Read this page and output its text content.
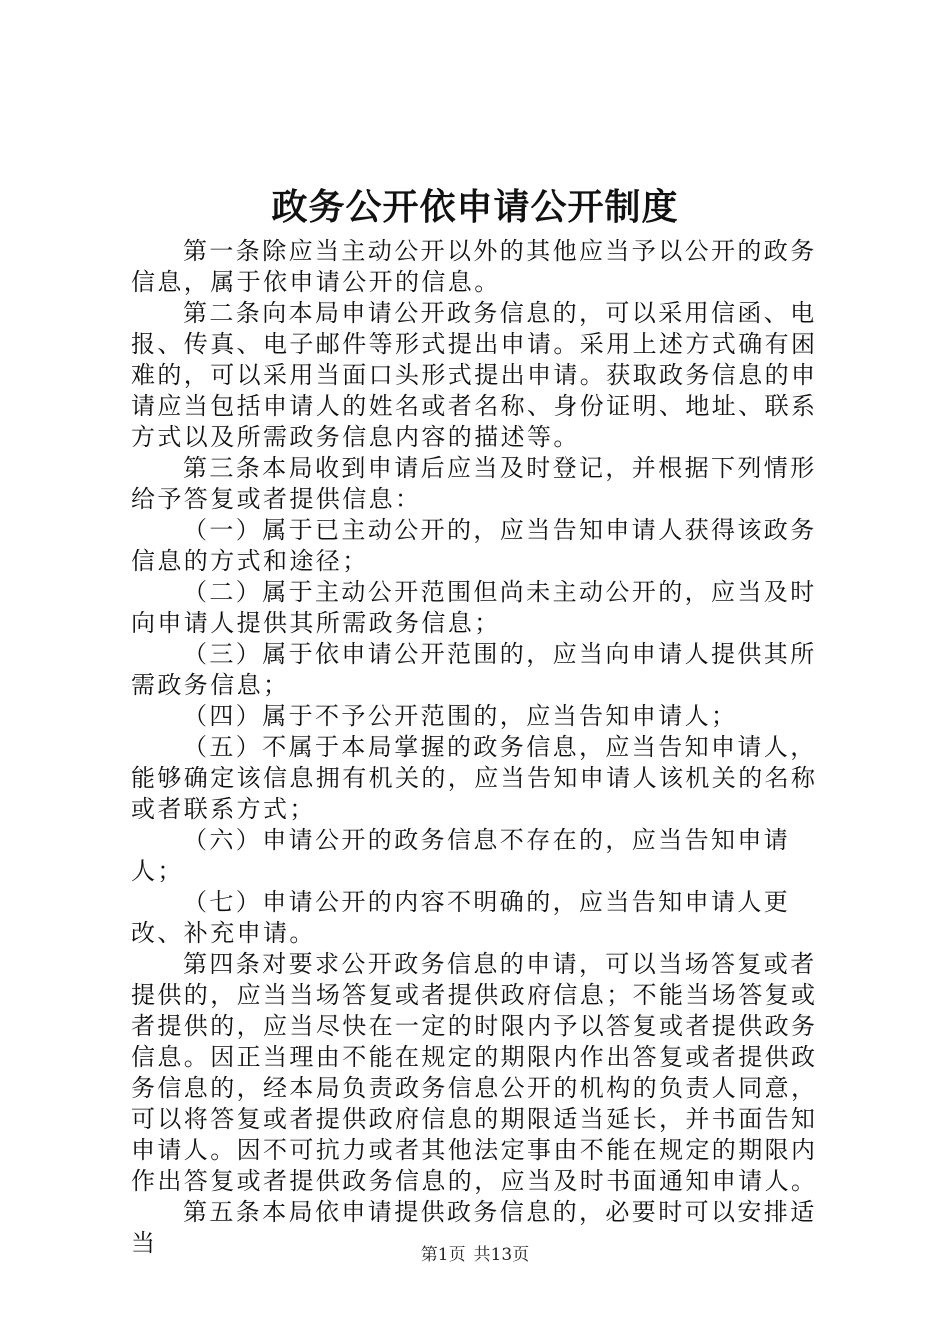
政务公开依申请公开制度

第一条除应当主动公开以外的其他应当予以公开的政务信息，属于依申请公开的信息。

第二条向本局申请公开政务信息的，可以采用信函、电报、传真、电子邮件等形式提出申请。采用上述方式确有困难的，可以采用当面口头形式提出申请。获取政务信息的申请应当包括申请人的姓名或者名称、身份证明、地址、联系方式以及所需政务信息内容的描述等。

第三条本局收到申请后应当及时登记，并根据下列情形给予答复或者提供信息：

（一）属于已主动公开的，应当告知申请人获得该政务信息的方式和途径；

（二）属于主动公开范围但尚未主动公开的，应当及时向申请人提供其所需政务信息；

（三）属于依申请公开范围的，应当向申请人提供其所需政务信息；

（四）属于不予公开范围的，应当告知申请人；

（五）不属于本局掌握的政务信息，应当告知申请人，能够确定该信息拥有机关的，应当告知申请人该机关的名称或者联系方式；

（六）申请公开的政务信息不存在的，应当告知申请人；

（七）申请公开的内容不明确的，应当告知申请人更改、补充申请。

第四条对要求公开政务信息的申请，可以当场答复或者提供的，应当当场答复或者提供政府信息；不能当场答复或者提供的，应当尽快在一定的时限内予以答复或者提供政务信息。因正当理由不能在规定的期限内作出答复或者提供政务信息的，经本局负责政务信息公开的机构的负责人同意，可以将答复或者提供政府信息的期限适当延长，并书面告知申请人。因不可抗力或者其他法定事由不能在规定的期限内作出答复或者提供政务信息的，应当及时书面通知申请人。

第五条本局依申请提供政务信息的，必要时可以安排适当	第1页 共13页
